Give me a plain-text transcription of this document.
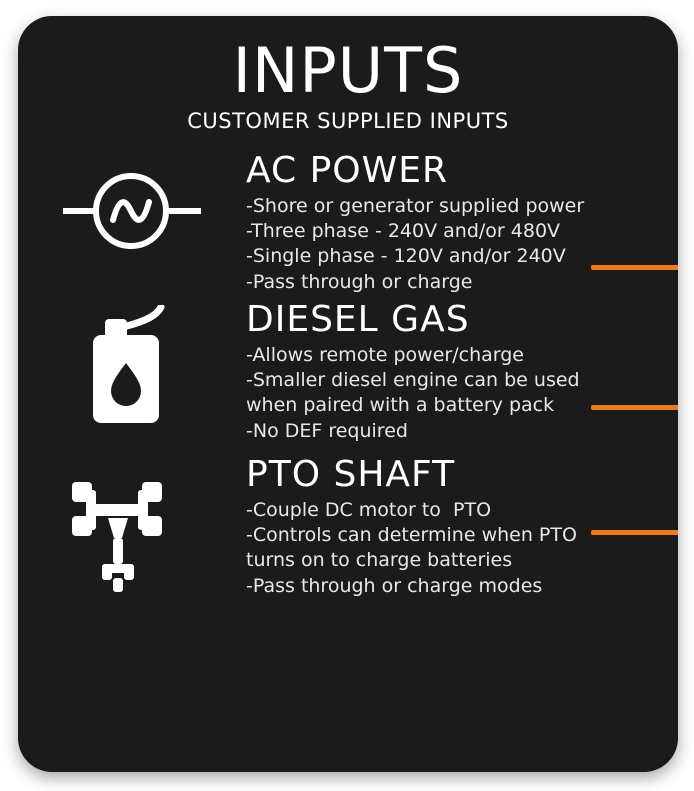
INPUTS
CUSTOMER SUPPLIED INPUTS
AC POWER
-Shore or generator supplied power
-Three phase - 240V and/or 480V
-Single phase - 120V and/or 240V
-Pass through or charge
DIESEL GAS
-Allows remote power/charge
-Smaller diesel engine can be used
when paired with a battery pack
-No DEF required
PTO SHAFT
-Couple DC motor to  PTO
-Controls can determine when PTO
turns on to charge batteries
-Pass through or charge modes
